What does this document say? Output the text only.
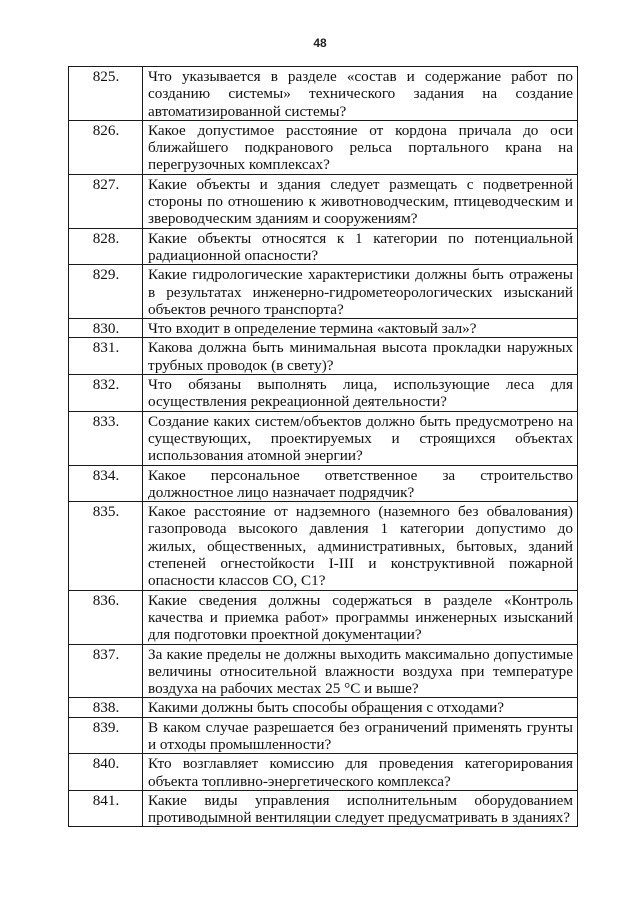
48
825.	Что указывается в разделе «состав и содержание работ по созданию системы» технического задания на создание автоматизированной системы?
826.	Какое допустимое расстояние от кордона причала до оси ближайшего подкранового рельса портального крана на перегрузочных комплексах?
827.	Какие объекты и здания следует размещать с подветренной стороны по отношению к животноводческим, птицеводческим и звероводческим зданиям и сооружениям?
828.	Какие объекты относятся к 1 категории по потенциальной радиационной опасности?
829.	Какие гидрологические характеристики должны быть отражены в результатах инженерно-гидрометеорологических изысканий объектов речного транспорта?
830.	Что входит в определение термина «актовый зал»?
831.	Какова должна быть минимальная высота прокладки наружных трубных проводок (в свету)?
832.	Что обязаны выполнять лица, использующие леса для осуществления рекреационной деятельности?
833.	Создание каких систем/объектов должно быть предусмотрено на существующих, проектируемых и строящихся объектах использования атомной энергии?
834.	Какое персональное ответственное за строительство должностное лицо назначает подрядчик?
835.	Какое расстояние от надземного (наземного без обвалования) газопровода высокого давления 1 категории допустимо до жилых, общественных, административных, бытовых, зданий степеней огнестойкости I-III и конструктивной пожарной опасности классов СО, С1?
836.	Какие сведения должны содержаться в разделе «Контроль качества и приемка работ» программы инженерных изысканий для подготовки проектной документации?
837.	За какие пределы не должны выходить максимально допустимые величины относительной влажности воздуха при температуре воздуха на рабочих местах 25 °С и выше?
838.	Какими должны быть способы обращения с отходами?
839.	В каком случае разрешается без ограничений применять грунты и отходы промышленности?
840.	Кто возглавляет комиссию для проведения категорирования объекта топливно-энергетического комплекса?
841.	Какие виды управления исполнительным оборудованием противодымной вентиляции следует предусматривать в зданиях?
